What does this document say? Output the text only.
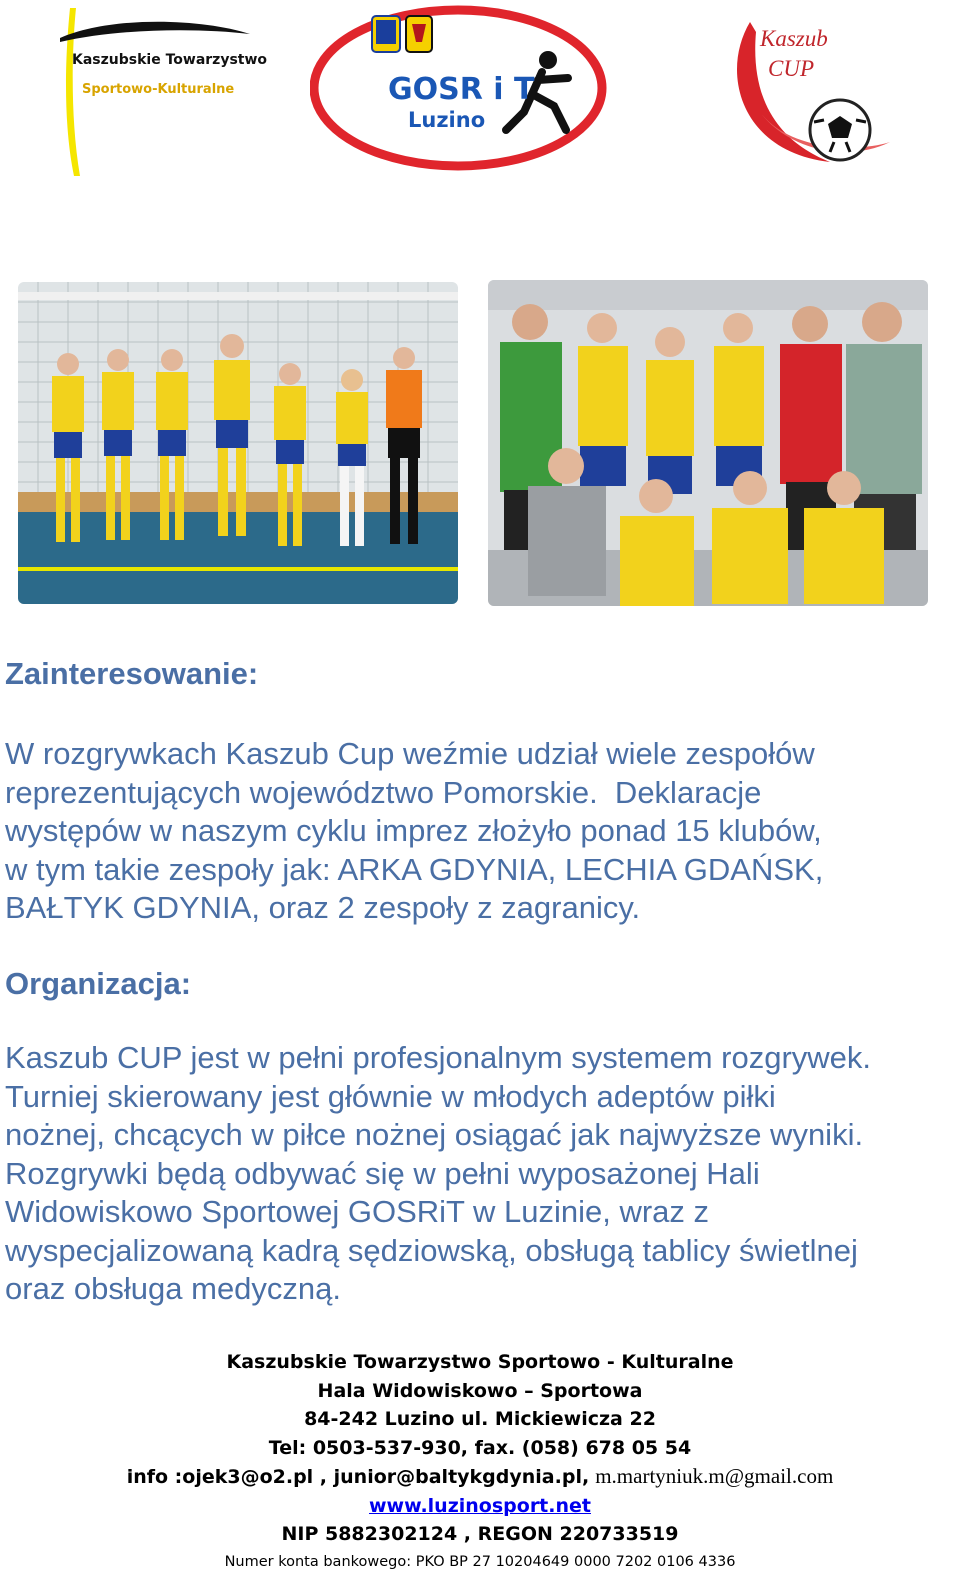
Kaszubskie Towarzystwo
Sportowo-Kulturalne	GOSR i T
Luzino
Kaszub
CUP
Zainteresowanie:
W rozgrywkach Kaszub Cup weźmie udział wiele zespołów
reprezentujących województwo Pomorskie.  Deklaracje
występów w naszym cyklu imprez złożyło ponad 15 klubów,
w tym takie zespoły jak: ARKA GDYNIA, LECHIA GDAŃSK,
BAŁTYK GDYNIA, oraz 2 zespoły z zagranicy.
Organizacja:
Kaszub CUP jest w pełni profesjonalnym systemem rozgrywek.
Turniej skierowany jest głównie w młodych adeptów piłki
nożnej, chcących w piłce nożnej osiągać jak najwyższe wyniki.
Rozgrywki będą odbywać się w pełni wyposażonej Hali
Widowiskowo Sportowej GOSRiT w Luzinie, wraz z
wyspecjalizowaną kadrą sędziowską, obsługą tablicy świetlnej
oraz obsługa medyczną.
Kaszubskie Towarzystwo Sportowo - Kulturalne
Hala Widowiskowo – Sportowa
84-242 Luzino ul. Mickiewicza 22
Tel: 0503-537-930, fax. (058) 678 05 54
info :ojek3@o2.pl , junior@baltykgdynia.pl, m.martyniuk.m@gmail.com
www.luzinosport.net
NIP 5882302124 , REGON 220733519
Numer konta bankowego: PKO BP 27 10204649 0000 7202 0106 4336
